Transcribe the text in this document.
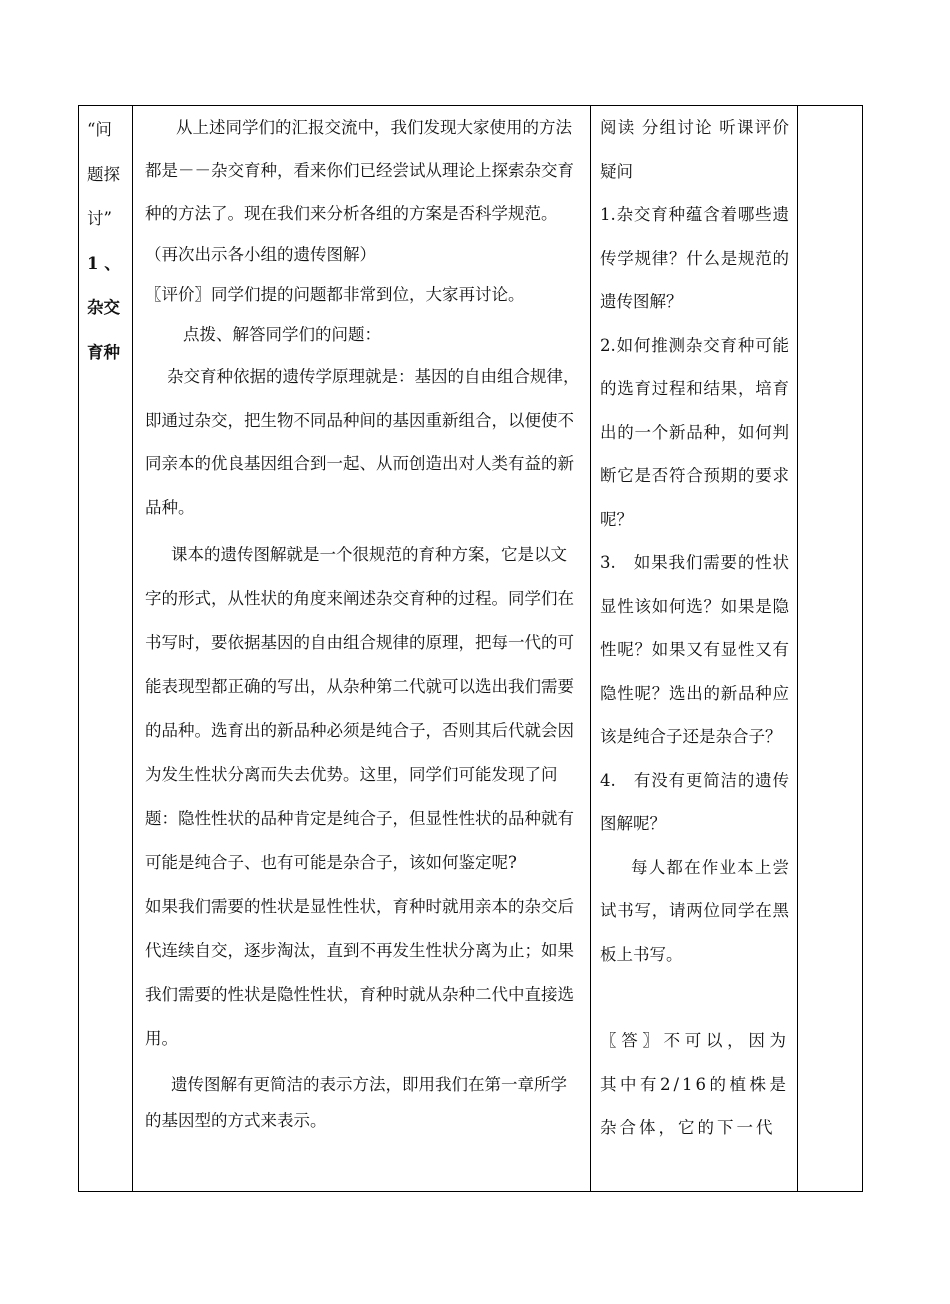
“问
题探
讨”
1 、
杂交
育种

从上述同学们的汇报交流中，我们发现大家使用的方法都是－－杂交育种，看来你们已经尝试从理论上探索杂交育种的方法了。现在我们来分析各组的方案是否科学规范。

（再次出示各小组的遗传图解）

〖评价〗同学们提的问题都非常到位，大家再讨论。

点拨、解答同学们的问题：

杂交育种依据的遗传学原理就是：基因的自由组合规律，即通过杂交，把生物不同品种间的基因重新组合，以便使不同亲本的优良基因组合到一起、从而创造出对人类有益的新品种。

课本的遗传图解就是一个很规范的育种方案，它是以文字的形式，从性状的角度来阐述杂交育种的过程。同学们在书写时，要依据基因的自由组合规律的原理，把每一代的可能表现型都正确的写出，从杂种第二代就可以选出我们需要的品种。选育出的新品种必须是纯合子，否则其后代就会因为发生性状分离而失去优势。这里，同学们可能发现了问题：隐性性状的品种肯定是纯合子，但显性性状的品种就有可能是纯合子、也有可能是杂合子，该如何鉴定呢?

如果我们需要的性状是显性性状，育种时就用亲本的杂交后代连续自交，逐步淘汰，直到不再发生性状分离为止；如果我们需要的性状是隐性性状，育种时就从杂种二代中直接选用。

遗传图解有更简洁的表示方法，即用我们在第一章所学的基因型的方式来表示。

阅读 分组讨论 听课评价 疑问

1.杂交育种蕴含着哪些遗传学规律？什么是规范的遗传图解？

2.如何推测杂交育种可能的选育过程和结果，培育出的一个新品种，如何判断它是否符合预期的要求呢？

3.　如果我们需要的性状显性该如何选？如果是隐性呢？如果又有显性又有隐性呢？选出的新品种应该是纯合子还是杂合子？

4.　有没有更简洁的遗传图解呢？

每人都在作业本上尝试书写，请两位同学在黑板上书写。

〖答〗不可以，因为其中有2/16的植株是杂合体，它的下一代
